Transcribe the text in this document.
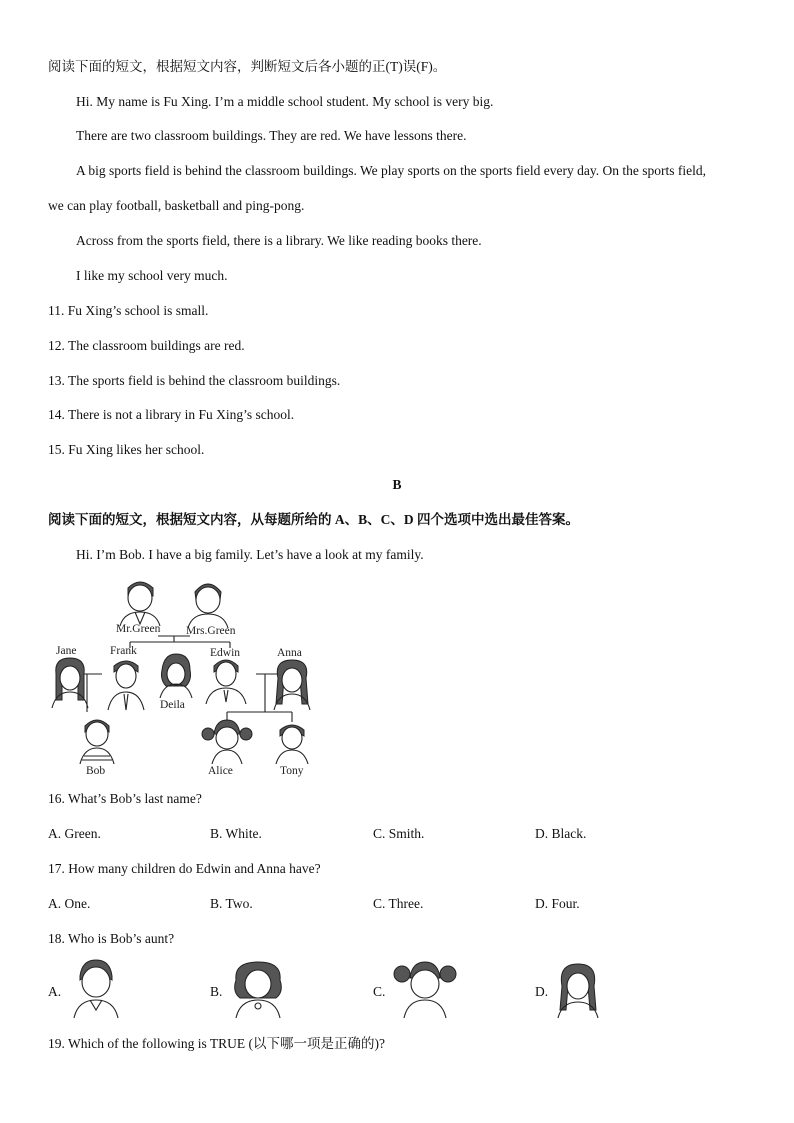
阅读下面的短文，根据短文内容，判断短文后各小题的正(T)误(F)。
Hi. My name is Fu Xing. I’m a middle school student. My school is very big.
There are two classroom buildings. They are red. We have lessons there.
A big sports field is behind the classroom buildings. We play sports on the sports field every day. On the sports field,
we can play football, basketball and ping-pong.
Across from the sports field, there is a library. We like reading books there.
I like my school very much.
11. Fu Xing’s school is small.
12. The classroom buildings are red.
13. The sports field is behind the classroom buildings.
14. There is not a library in Fu Xing’s school.
15. Fu Xing likes her school.
B
阅读下面的短文，根据短文内容，从每题所给的 A、B、C、D 四个选项中选出最佳答案。
Hi. I’m Bob. I have a big family. Let’s have a look at my family.
Mr.Green Mrs.Green
Jane	Frank	Edwin	Anna
Deila
Bob	Alice	Tony
16. What’s Bob’s last name?
A. Green.	B. White.	C. Smith.	D. Black.
17. How many children do Edwin and Anna have?
A. One.	B. Two.	C. Three.	D. Four.
18. Who is Bob’s aunt?
A.	B.	C.	D.
19. Which of the following is TRUE (以下哪一项是正确的)?
